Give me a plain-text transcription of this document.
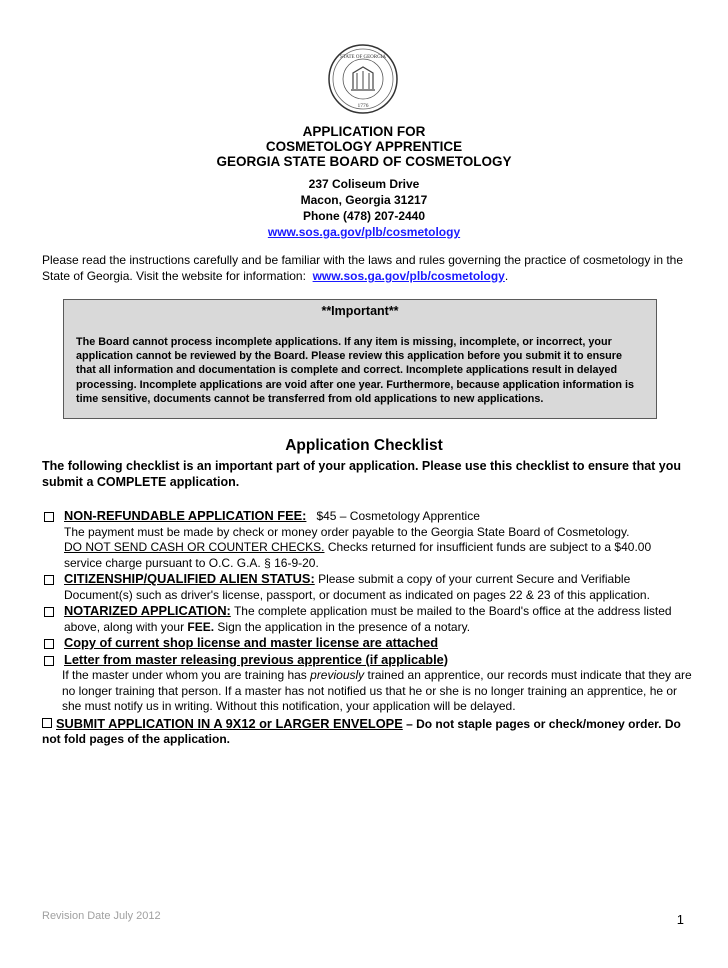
STATE OF GEORGIA
1776
APPLICATION FOR
COSMETOLOGY APPRENTICE
GEORGIA STATE BOARD OF COSMETOLOGY
237 Coliseum Drive
Macon, Georgia 31217
Phone (478) 207-2440
www.sos.ga.gov/plb/cosmetology
Please read the instructions carefully and be familiar with the laws and rules governing the practice of cosmetology in the State of Georgia. Visit the website for information: www.sos.ga.gov/plb/cosmetology.
**Important**
The Board cannot process incomplete applications. If any item is missing, incomplete, or incorrect, your application cannot be reviewed by the Board. Please review this application before you submit it to ensure that all information and documentation is complete and correct. Incomplete applications result in delayed processing. Incomplete applications are void after one year. Furthermore, because application information is time sensitive, documents cannot be transferred from old applications to new applications.
Application Checklist
The following checklist is an important part of your application. Please use this checklist to ensure that you submit a COMPLETE application.
NON-REFUNDABLE APPLICATION FEE: $45 – Cosmetology Apprentice
The payment must be made by check or money order payable to the Georgia State Board of Cosmetology.
DO NOT SEND CASH OR COUNTER CHECKS. Checks returned for insufficient funds are subject to a $40.00 service charge pursuant to O.C. G.A. § 16-9-20.
CITIZENSHIP/QUALIFIED ALIEN STATUS: Please submit a copy of your current Secure and Verifiable Document(s) such as driver's license, passport, or document as indicated on pages 22 & 23 of this application.
NOTARIZED APPLICATION: The complete application must be mailed to the Board's office at the address listed above, along with your FEE. Sign the application in the presence of a notary.
Copy of current shop license and master license are attached
Letter from master releasing previous apprentice (if applicable)
If the master under whom you are training has previously trained an apprentice, our records must indicate that they are no longer training that person. If a master has not notified us that he or she is no longer training an apprentice, he or she must notify us in writing. Without this notification, your application will be delayed.
SUBMIT APPLICATION IN A 9X12 or LARGER ENVELOPE – Do not staple pages or check/money order. Do not fold pages of the application.
Revision Date July 2012	1
